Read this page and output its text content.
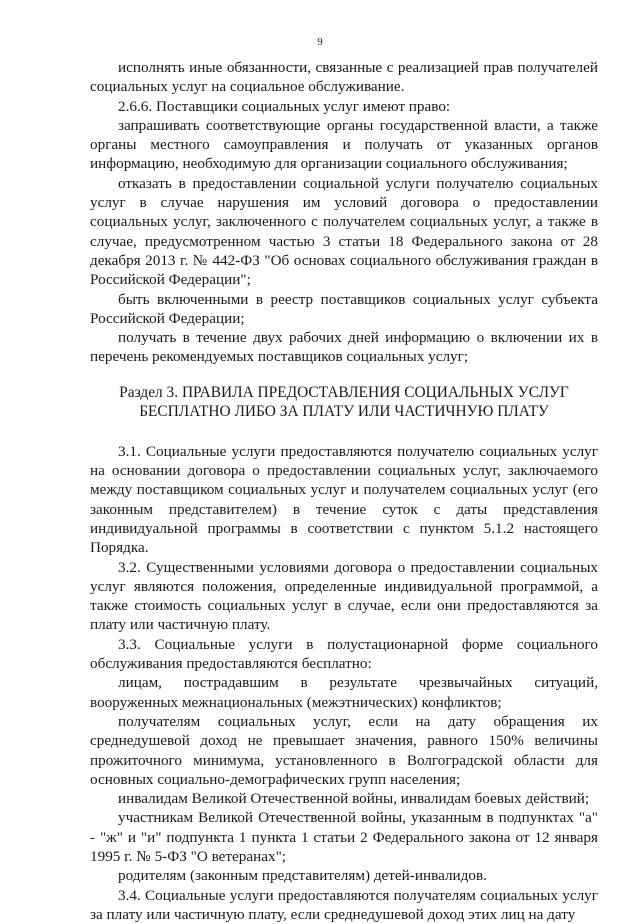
9

исполнять иные обязанности, связанные с реализацией прав получателей социальных услуг на социальное обслуживание.

2.6.6. Поставщики социальных услуг имеют право:

запрашивать соответствующие органы государственной власти, а также органы местного самоуправления и получать от указанных органов информацию, необходимую для организации социального обслуживания;

отказать в предоставлении социальной услуги получателю социальных услуг в случае нарушения им условий договора о предоставлении социальных услуг, заключенного с получателем социальных услуг, а также в случае, предусмотренном частью 3 статьи 18 Федерального закона от 28 декабря 2013 г. № 442-ФЗ "Об основах социального обслуживания граждан в Российской Федерации";

быть включенными в реестр поставщиков социальных услуг субъекта Российской Федерации;

получать в течение двух рабочих дней информацию о включении их в перечень рекомендуемых поставщиков социальных услуг;

Раздел 3. ПРАВИЛА ПРЕДОСТАВЛЕНИЯ СОЦИАЛЬНЫХ УСЛУГ
БЕСПЛАТНО ЛИБО ЗА ПЛАТУ ИЛИ ЧАСТИЧНУЮ ПЛАТУ

3.1. Социальные услуги предоставляются получателю социальных услуг на основании договора о предоставлении социальных услуг, заключаемого между поставщиком социальных услуг и получателем социальных услуг (его законным представителем) в течение суток с даты представления индивидуальной программы в соответствии с пунктом 5.1.2 настоящего Порядка.

3.2. Существенными условиями договора о предоставлении социальных услуг являются положения, определенные индивидуальной программой, а также стоимость социальных услуг в случае, если они предоставляются за плату или частичную плату.

3.3. Социальные услуги в полустационарной форме социального обслуживания предоставляются бесплатно:

лицам, пострадавшим в результате чрезвычайных ситуаций, вооруженных межнациональных (межэтнических) конфликтов;

получателям социальных услуг, если на дату обращения их среднедушевой доход не превышает значения, равного 150% величины прожиточного минимума, установленного в Волгоградской области для основных социально-демографических групп населения;

инвалидам Великой Отечественной войны, инвалидам боевых действий;

участникам Великой Отечественной войны, указанным в подпунктах "а" - "ж" и "и" подпункта 1 пункта 1 статьи 2 Федерального закона от 12 января 1995 г. № 5-ФЗ "О ветеранах";

родителям (законным представителям) детей-инвалидов.

3.4. Социальные услуги предоставляются получателям социальных услуг за плату или частичную плату, если среднедушевой доход этих лиц на дату
